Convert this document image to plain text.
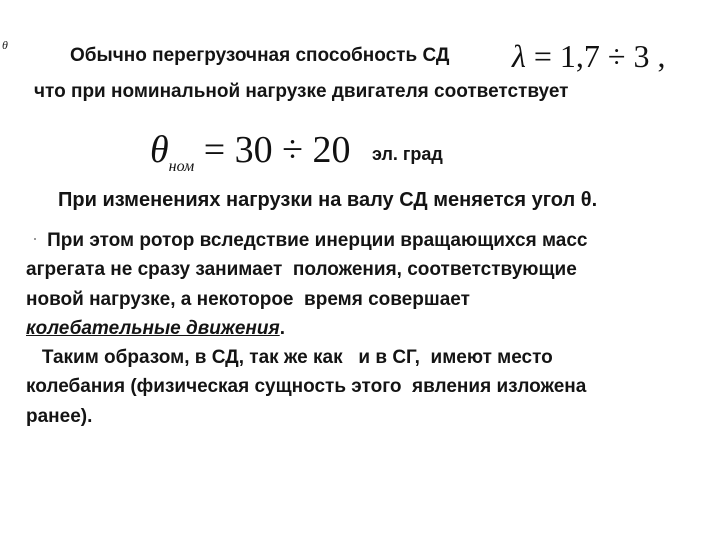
θ	Обычно перегрузочная способность СД λ = 1,7 ÷ 3 ,
что при номинальной нагрузке двигателя соответствует
$\theta_{ном} = 30 \div 20$ эл. град
При изменениях нагрузки на валу СД меняется угол θ.
При этом ротор вследствие инерции вращающихся масс
агрегата не сразу занимает  положения, соответствующие
новой нагрузке, а некоторое  время совершает
колебательные движения.
Таким образом, в СД, так же как   и в СГ,  имеют место
колебания (физическая сущность этого  явления изложена
ранее).
